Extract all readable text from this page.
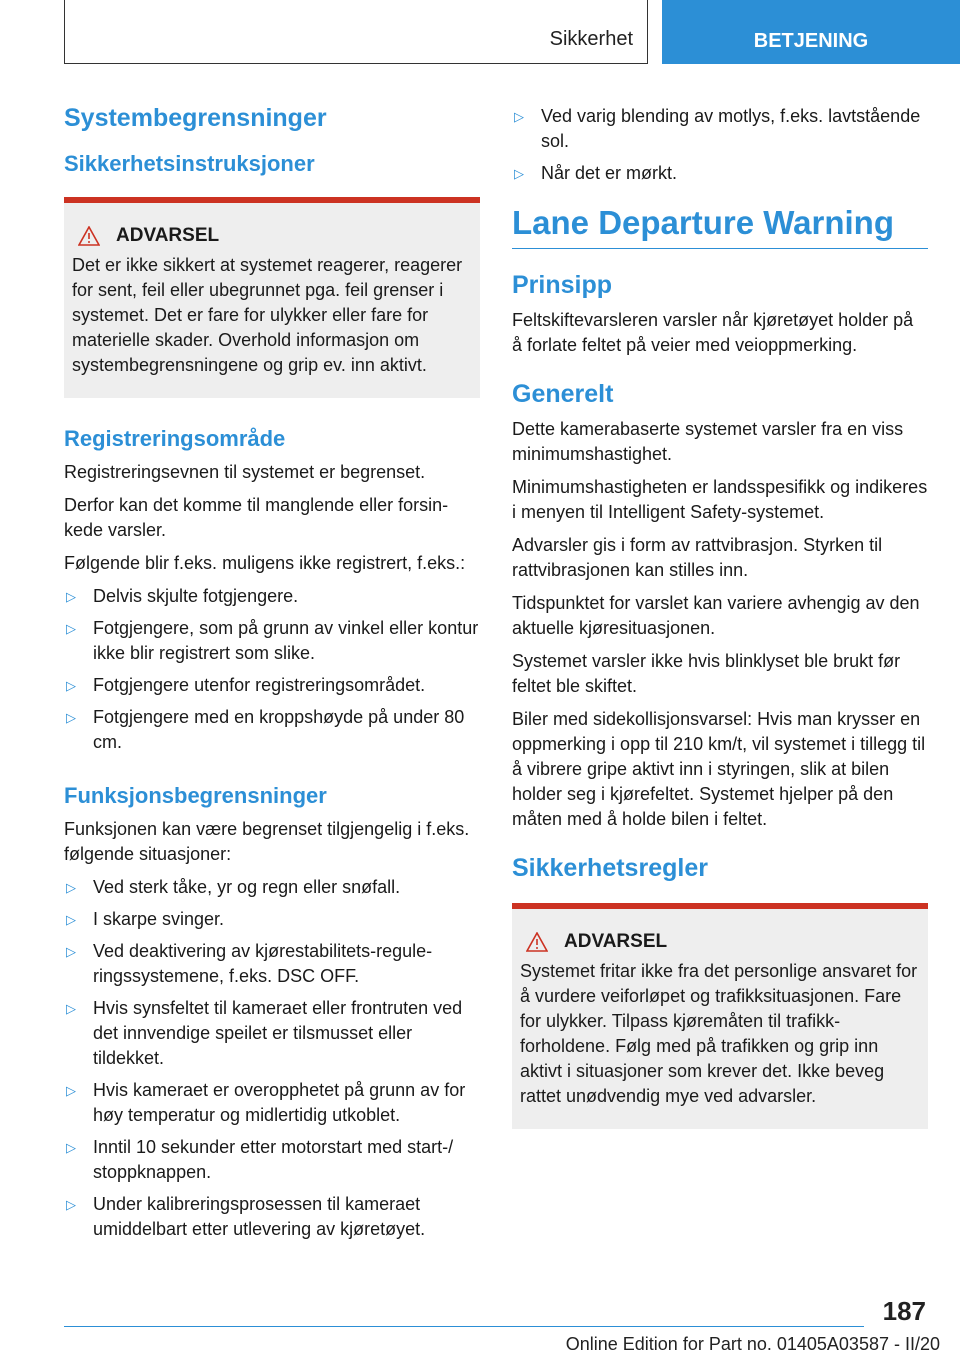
Sikkerhet	BETJENING
Systembegrensninger
Sikkerhetsinstruksjoner
ADVARSEL

Det er ikke sikkert at systemet reagerer, reagerer for sent, feil eller ubegrunnet pga. feil grenser i systemet. Det er fare for ulykker eller fare for materielle skader. Overhold informasjon om systembegrensningene og grip ev. inn aktivt.

Registreringsområde

Registreringsevnen til systemet er begrenset.

Derfor kan det komme til manglende eller forsinkede varsler.

Følgende blir f.eks. muligens ikke registrert, f.eks.:

▷ Delvis skjulte fotgjengere.
▷ Fotgjengere, som på grunn av vinkel eller kontur ikke blir registrert som slike.
▷ Fotgjengere utenfor registreringsområdet.
▷ Fotgjengere med en kroppshøyde på under 80 cm.
Funksjonsbegrensninger

Funksjonen kan være begrenset tilgjengelig i f.eks. følgende situasjoner:

▷ Ved sterk tåke, yr og regn eller snøfall.
▷ I skarpe svinger.
▷ Ved deaktivering av kjørestabilitets-reguleringssystemene, f.eks. DSC OFF.
▷ Hvis synsfeltet til kameraet eller frontruten ved det innvendige speilet er tilsmusset eller tildekket.
▷ Hvis kameraet er overopphetet på grunn av for høy temperatur og midlertidig utkoblet.
▷ Inntil 10 sekunder etter motorstart med start-/ stoppknappen.
▷ Under kalibreringsprosessen til kameraet umiddelbart etter utlevering av kjøretøyet.
▷ Ved varig blending av motlys, f.eks. lavtstående sol.
▷ Når det er mørkt.
Lane Departure Warning
Prinsipp

Feltskiftevarsleren varsler når kjøretøyet holder på å forlate feltet på veier med veioppmerking.

Generelt

Dette kamerabaserte systemet varsler fra en viss minimumshastighet.

Minimumshastigheten er landsspesifikk og indikeres i menyen til Intelligent Safety-systemet.

Advarsler gis i form av rattvibrasjon. Styrken til rattvibrasjonen kan stilles inn.

Tidspunktet for varslet kan variere avhengig av den aktuelle kjøresituasjonen.

Systemet varsler ikke hvis blinklyset ble brukt før feltet ble skiftet.

Biler med sidekollisjonsvarsel: Hvis man krysser en oppmerking i opp til 210 km/t, vil systemet i tillegg til å vibrere gripe aktivt inn i styringen, slik at bilen holder seg i kjørefeltet. Systemet hjelper på den måten med å holde bilen i feltet.

Sikkerhetsregler
ADVARSEL

Systemet fritar ikke fra det personlige ansvaret for å vurdere veiforløpet og trafikksituasjonen. Fare for ulykker. Tilpass kjøremåten til trafikkforholdene. Følg med på trafikken og grip inn aktivt i situasjoner som krever det. Ikke beveg rattet unødvendig mye ved advarsler.

187
Online Edition for Part no. 01405A03587 - II/20
